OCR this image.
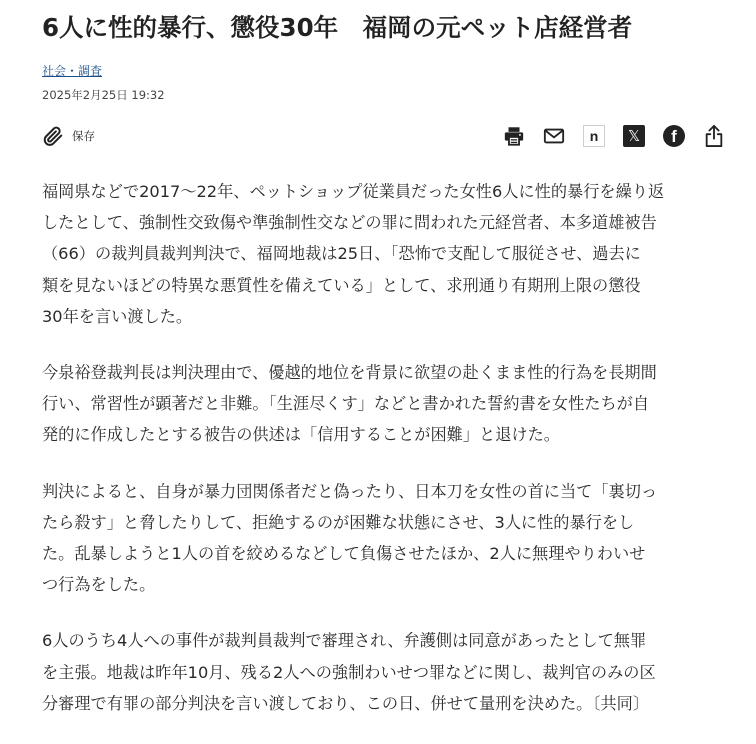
6人に性的暴行、懲役30年　福岡の元ペット店経営者
社会・調査
2025年2月25日 19:32
保存	n	𝕏	f

福岡県などで2017〜22年、ペットショップ従業員だった女性6人に性的暴行を繰り返
したとして、強制性交致傷や準強制性交などの罪に問われた元経営者、本多道雄被告
（66）の裁判員裁判判決で、福岡地裁は25日、「恐怖で支配して服従させ、過去に
類を見ないほどの特異な悪質性を備えている」として、求刑通り有期刑上限の懲役
30年を言い渡した。

今泉裕登裁判長は判決理由で、優越的地位を背景に欲望の赴くまま性的行為を長期間
行い、常習性が顕著だと非難。「生涯尽くす」などと書かれた誓約書を女性たちが自
発的に作成したとする被告の供述は「信用することが困難」と退けた。

判決によると、自身が暴力団関係者だと偽ったり、日本刀を女性の首に当て「裏切っ
たら殺す」と脅したりして、拒絶するのが困難な状態にさせ、3人に性的暴行をし
た。乱暴しようと1人の首を絞めるなどして負傷させたほか、2人に無理やりわいせ
つ行為をした。

6人のうち4人への事件が裁判員裁判で審理され、弁護側は同意があったとして無罪
を主張。地裁は昨年10月、残る2人への強制わいせつ罪などに関し、裁判官のみの区
分審理で有罪の部分判決を言い渡しており、この日、併せて量刑を決めた。〔共同〕
